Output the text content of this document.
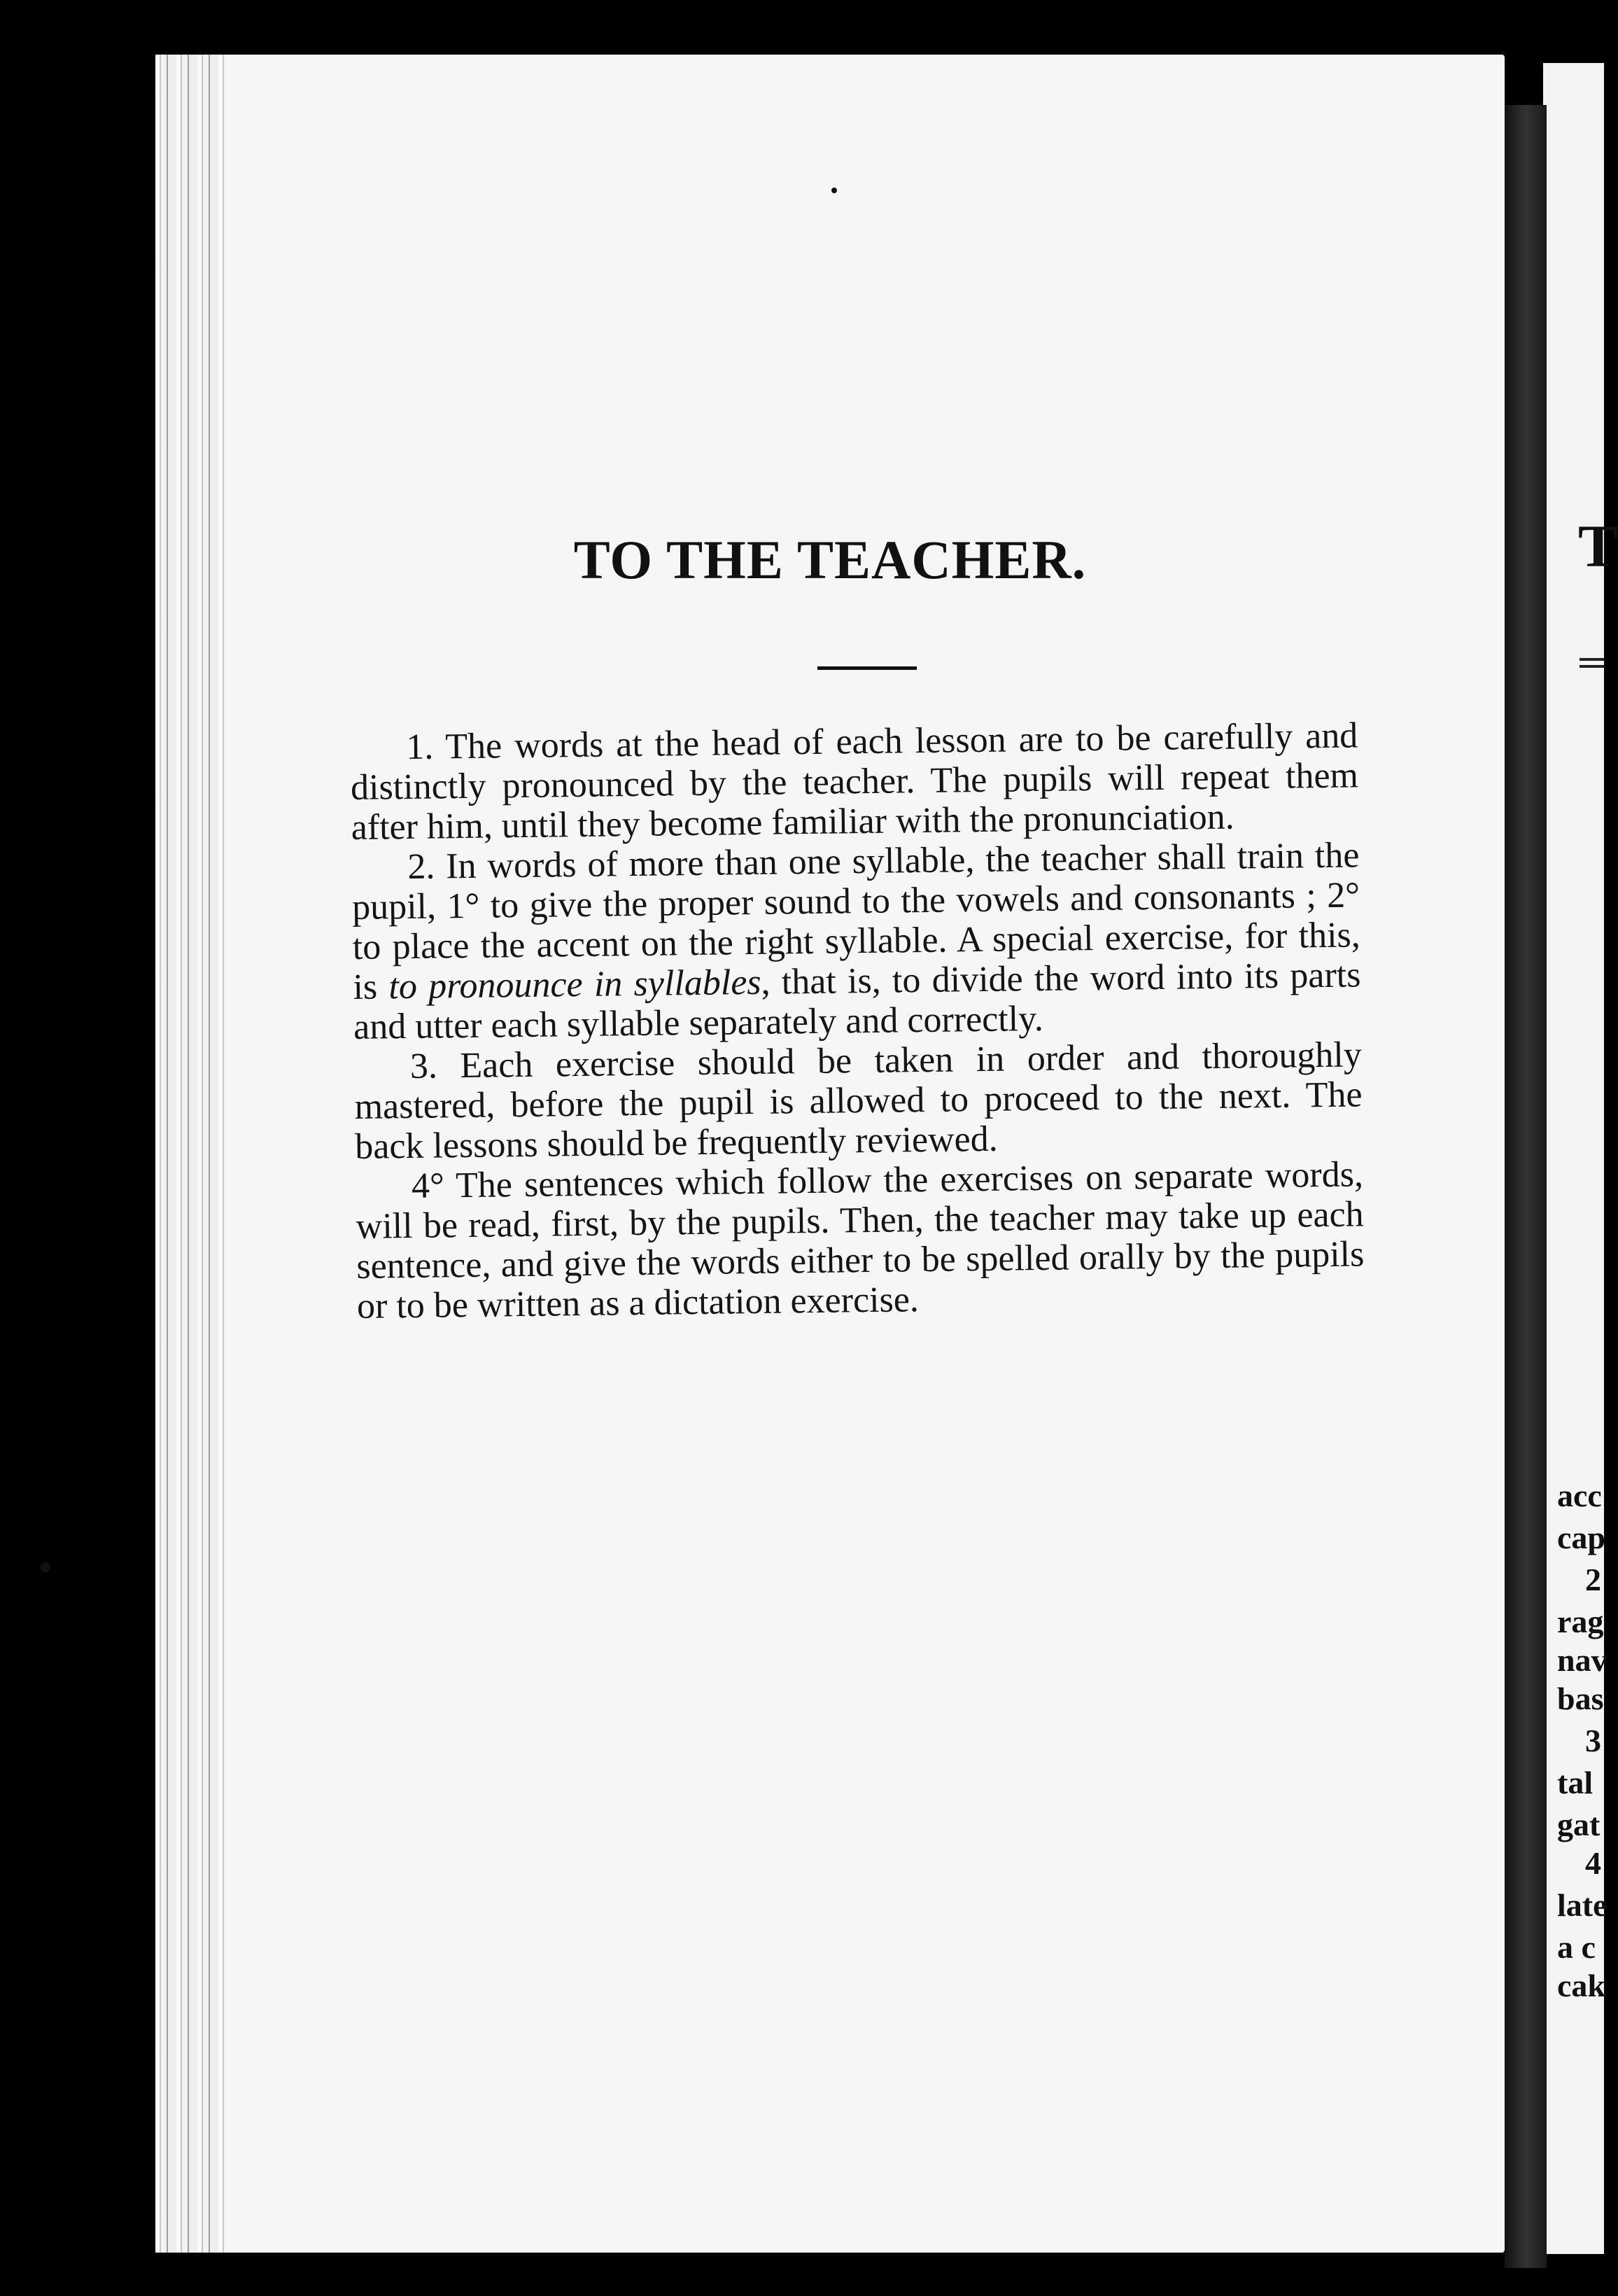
T
acc
cap
2
rag
nav
bas
3
tal
gat
4
late
a c
cak
TO THE TEACHER.

1. The words at the head of each lesson are to be carefully and distinctly pronounced by the teacher. The pupils will repeat them after him, until they become familiar with the pronunciation.

2. In words of more than one syllable, the teacher shall train the pupil, 1° to give the proper sound to the vowels and consonants ; 2° to place the accent on the right syllable. A special exercise, for this, is to pronounce in syllables, that is, to divide the word into its parts and utter each syllable separately and correctly.

3. Each exercise should be taken in order and thoroughly mastered, before the pupil is allowed to proceed to the next. The back lessons should be frequently reviewed.

4° The sentences which follow the exercises on separate words, will be read, first, by the pupils. Then, the teacher may take up each sentence, and give the words either to be spelled orally by the pupils or to be written as a dictation exercise.
